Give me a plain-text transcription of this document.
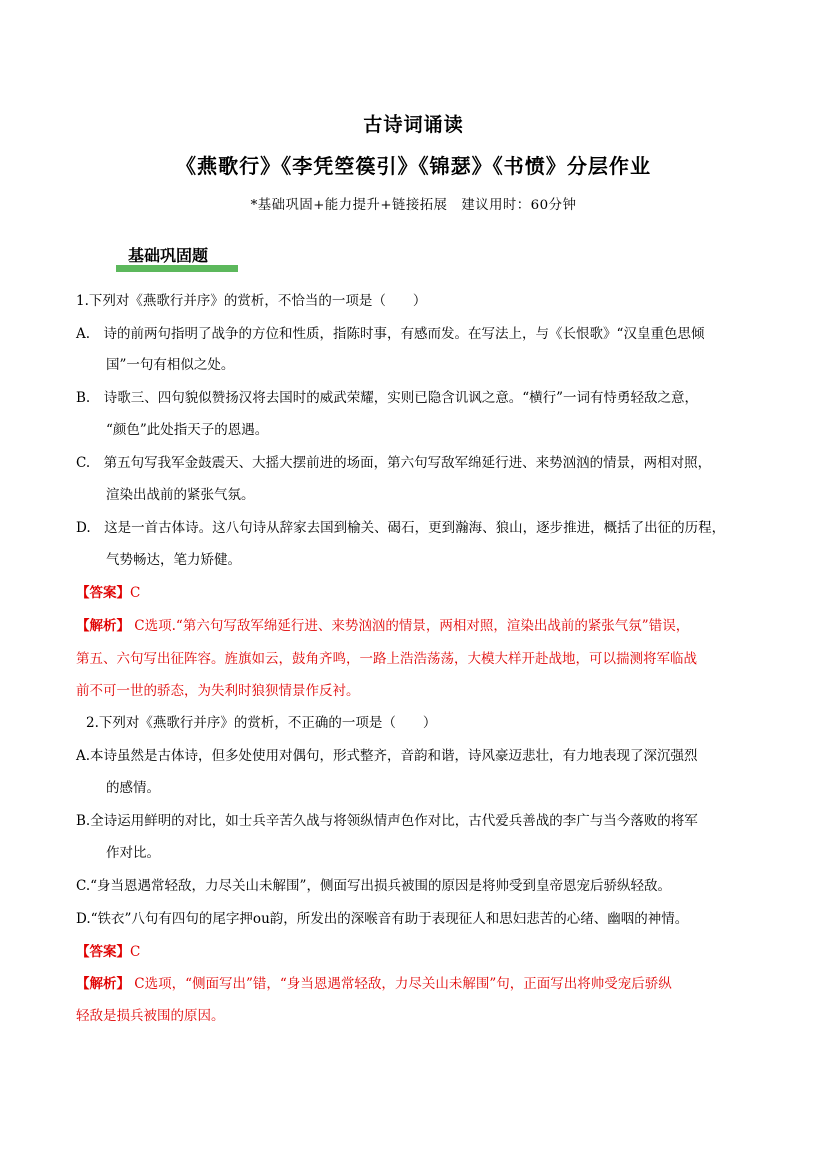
古诗词诵读
《燕歌行》《李凭箜篌引》《锦瑟》《书愤》分层作业
*基础巩固+能力提升+链接拓展　建议用时：60分钟
基础巩固题
1.下列对《燕歌行并序》的赏析，不恰当的一项是（　　）
A.　诗的前两句指明了战争的方位和性质，指陈时事，有感而发。在写法上，与《长恨歌》“汉皇重色思倾
国”一句有相似之处。
B.　诗歌三、四句貌似赞扬汉将去国时的威武荣耀，实则已隐含讥讽之意。“横行”一词有恃勇轻敌之意，
“颜色”此处指天子的恩遇。
C.　第五句写我军金鼓震天、大摇大摆前进的场面，第六句写敌军绵延行进、来势汹汹的情景，两相对照，
渲染出战前的紧张气氛。
D.　这是一首古体诗。这八句诗从辞家去国到榆关、碣石，更到瀚海、狼山，逐步推进，概括了出征的历程，
气势畅达，笔力矫健。
【答案】C
【解析】 C选项.“第六句写敌军绵延行进、来势汹汹的情景，两相对照，渲染出战前的紧张气氛”错误，
第五、六句写出征阵容。旌旗如云，鼓角齐鸣，一路上浩浩荡荡，大模大样开赴战地，可以揣测将军临战
前不可一世的骄态，为失利时狼狈情景作反衬。
2.下列对《燕歌行并序》的赏析，不正确的一项是（　　）
A.本诗虽然是古体诗，但多处使用对偶句，形式整齐，音韵和谐，诗风豪迈悲壮，有力地表现了深沉强烈
的感情。
B.全诗运用鲜明的对比，如士兵辛苦久战与将领纵情声色作对比，古代爱兵善战的李广与当今落败的将军
作对比。
C.“身当恩遇常轻敌，力尽关山未解围”，侧面写出损兵被围的原因是将帅受到皇帝恩宠后骄纵轻敌。
D.“铁衣”八句有四句的尾字押ou韵，所发出的深喉音有助于表现征人和思妇悲苦的心绪、幽咽的神情。
【答案】C
【解析】 C选项，“侧面写出”错，“身当恩遇常轻敌，力尽关山未解围”句，正面写出将帅受宠后骄纵
轻敌是损兵被围的原因。
